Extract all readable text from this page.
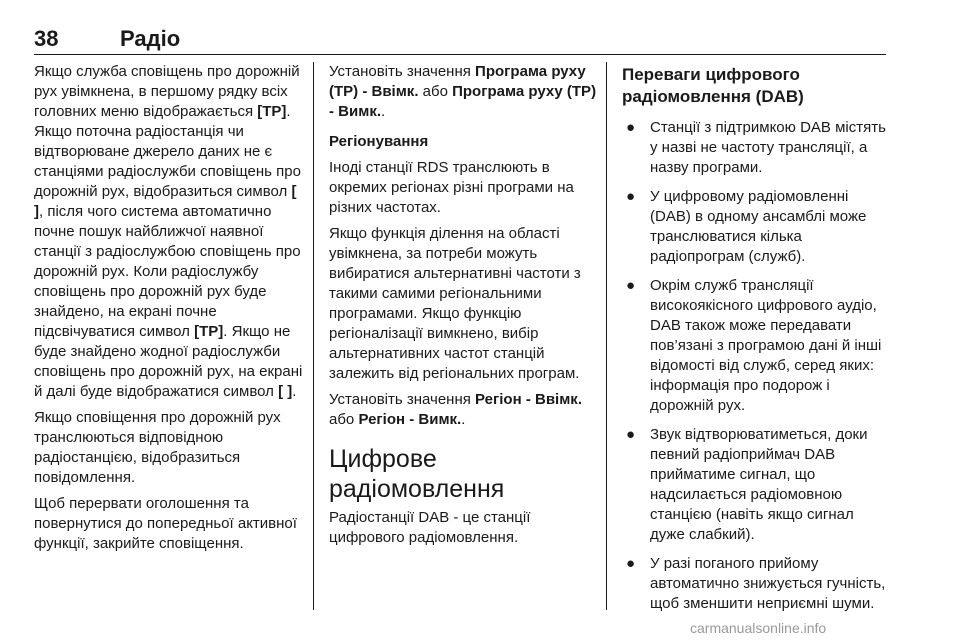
38	Радіо

Якщо служба сповіщень про дорожній рух увімкнена, в першому рядку всіх головних меню відображається [TP]. Якщо поточна радіостанція чи відтворюване джерело даних не є станціями радіослужби сповіщень про дорожній рух, відобразиться символ [ ], після чого система автоматично почне пошук найближчої наявної станції з радіослужбою сповіщень про дорожній рух. Коли радіослужбу сповіщень про дорожній рух буде знайдено, на екрані почне підсвічуватися символ [TP]. Якщо не буде знайдено жодної радіослужби сповіщень про дорожній рух, на екрані й далі буде відображатися символ [ ].

Якщо сповіщення про дорожній рух транслюються відповідною радіостанцією, відобразиться повідомлення.

Щоб перервати оголошення та повернутися до попередньої активної функції, закрийте сповіщення.

Установіть значення Програма руху (TP) - Ввімк. або Програма руху (TP) - Вимк..

Регіонування

Іноді станції RDS транслюють в окремих регіонах різні програми на різних частотах.

Якщо функція ділення на області увімкнена, за потреби можуть вибиратися альтернативні частоти з такими самими регіональними програмами. Якщо функцію регіоналізації вимкнено, вибір альтернативних частот станцій залежить від регіональних програм.

Установіть значення Регіон - Ввімк. або Регіон - Вимк..

Цифрове радіомовлення

Радіостанції DAB - це станції цифрового радіомовлення.

Переваги цифрового радіомовлення (DAB)
● Станції з підтримкою DAB містять у назві не частоту трансляції, а назву програми.
● У цифровому радіомовленні (DAB) в одному ансамблі може транслюватися кілька радіопрограм (служб).
● Окрім служб трансляції високоякісного цифрового аудіо, DAB також може передавати пов’язані з програмою дані й інші відомості від служб, серед яких: інформація про подорож і дорожній рух.
● Звук відтворюватиметься, доки певний радіоприймач DAB прийматиме сигнал, що надсилається радіомовною станцією (навіть якщо сигнал дуже слабкий).
● У разі поганого прийому автоматично знижується гучність, щоб зменшити неприємні шуми.
carmanualsonline.info
